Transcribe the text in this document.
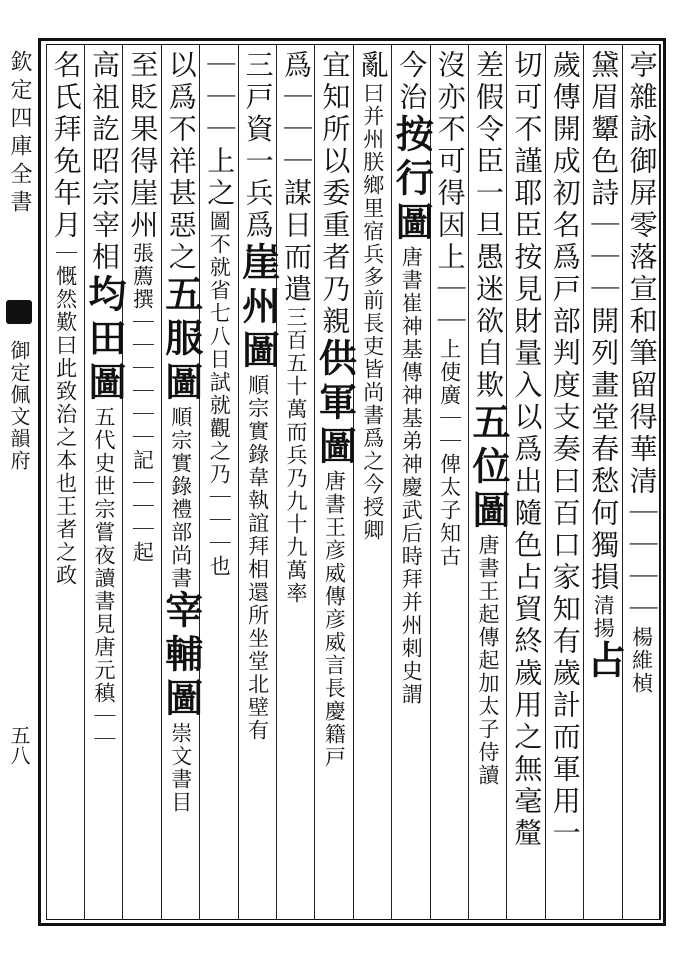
欽定四庫全書
御定佩文韻府
五八
亭雜詠御屏零落宣和筆留得華清｜｜｜｜楊維楨
黛眉顰色詩｜｜｜開列畫堂春愁何獨損清揚占
歲傳開成初名爲戸部判度支奏曰百口家知有歲計而軍用一
切可不謹耶臣按見財量入以爲出隨色占貿終歲用之無毫釐
差假令臣一旦愚迷欲自欺五位圖唐書王起傳起加太子侍讀
沒亦不可得因上｜｜上使廣｜｜俾太子知古
今治按行圖唐書崔神基傳神基弟神慶武后時拜并州刺史謂
亂曰并州朕鄉里宿兵多前長吏皆尚書爲之今授卿
宜知所以委重者乃親供軍圖唐書王彦威傳彦威言長慶籍戸
爲｜｜｜謀日而遣三百五十萬而兵乃九十九萬率
三戸資一兵爲崖州圖順宗實錄韋執誼拜相還所坐堂北壁有
｜｜｜上之圖不就省七八日試就觀之乃｜｜｜也
以爲不祥甚惡之五服圖順宗實錄禮部尚書宰輔圖崇文書目
至貶果得崖州張薦撰｜｜｜｜｜｜記｜｜｜起
高祖訖昭宗宰相均田圖五代史世宗嘗夜讀書見唐元稹｜｜
名氏拜免年月｜慨然歎曰此致治之本也王者之政
